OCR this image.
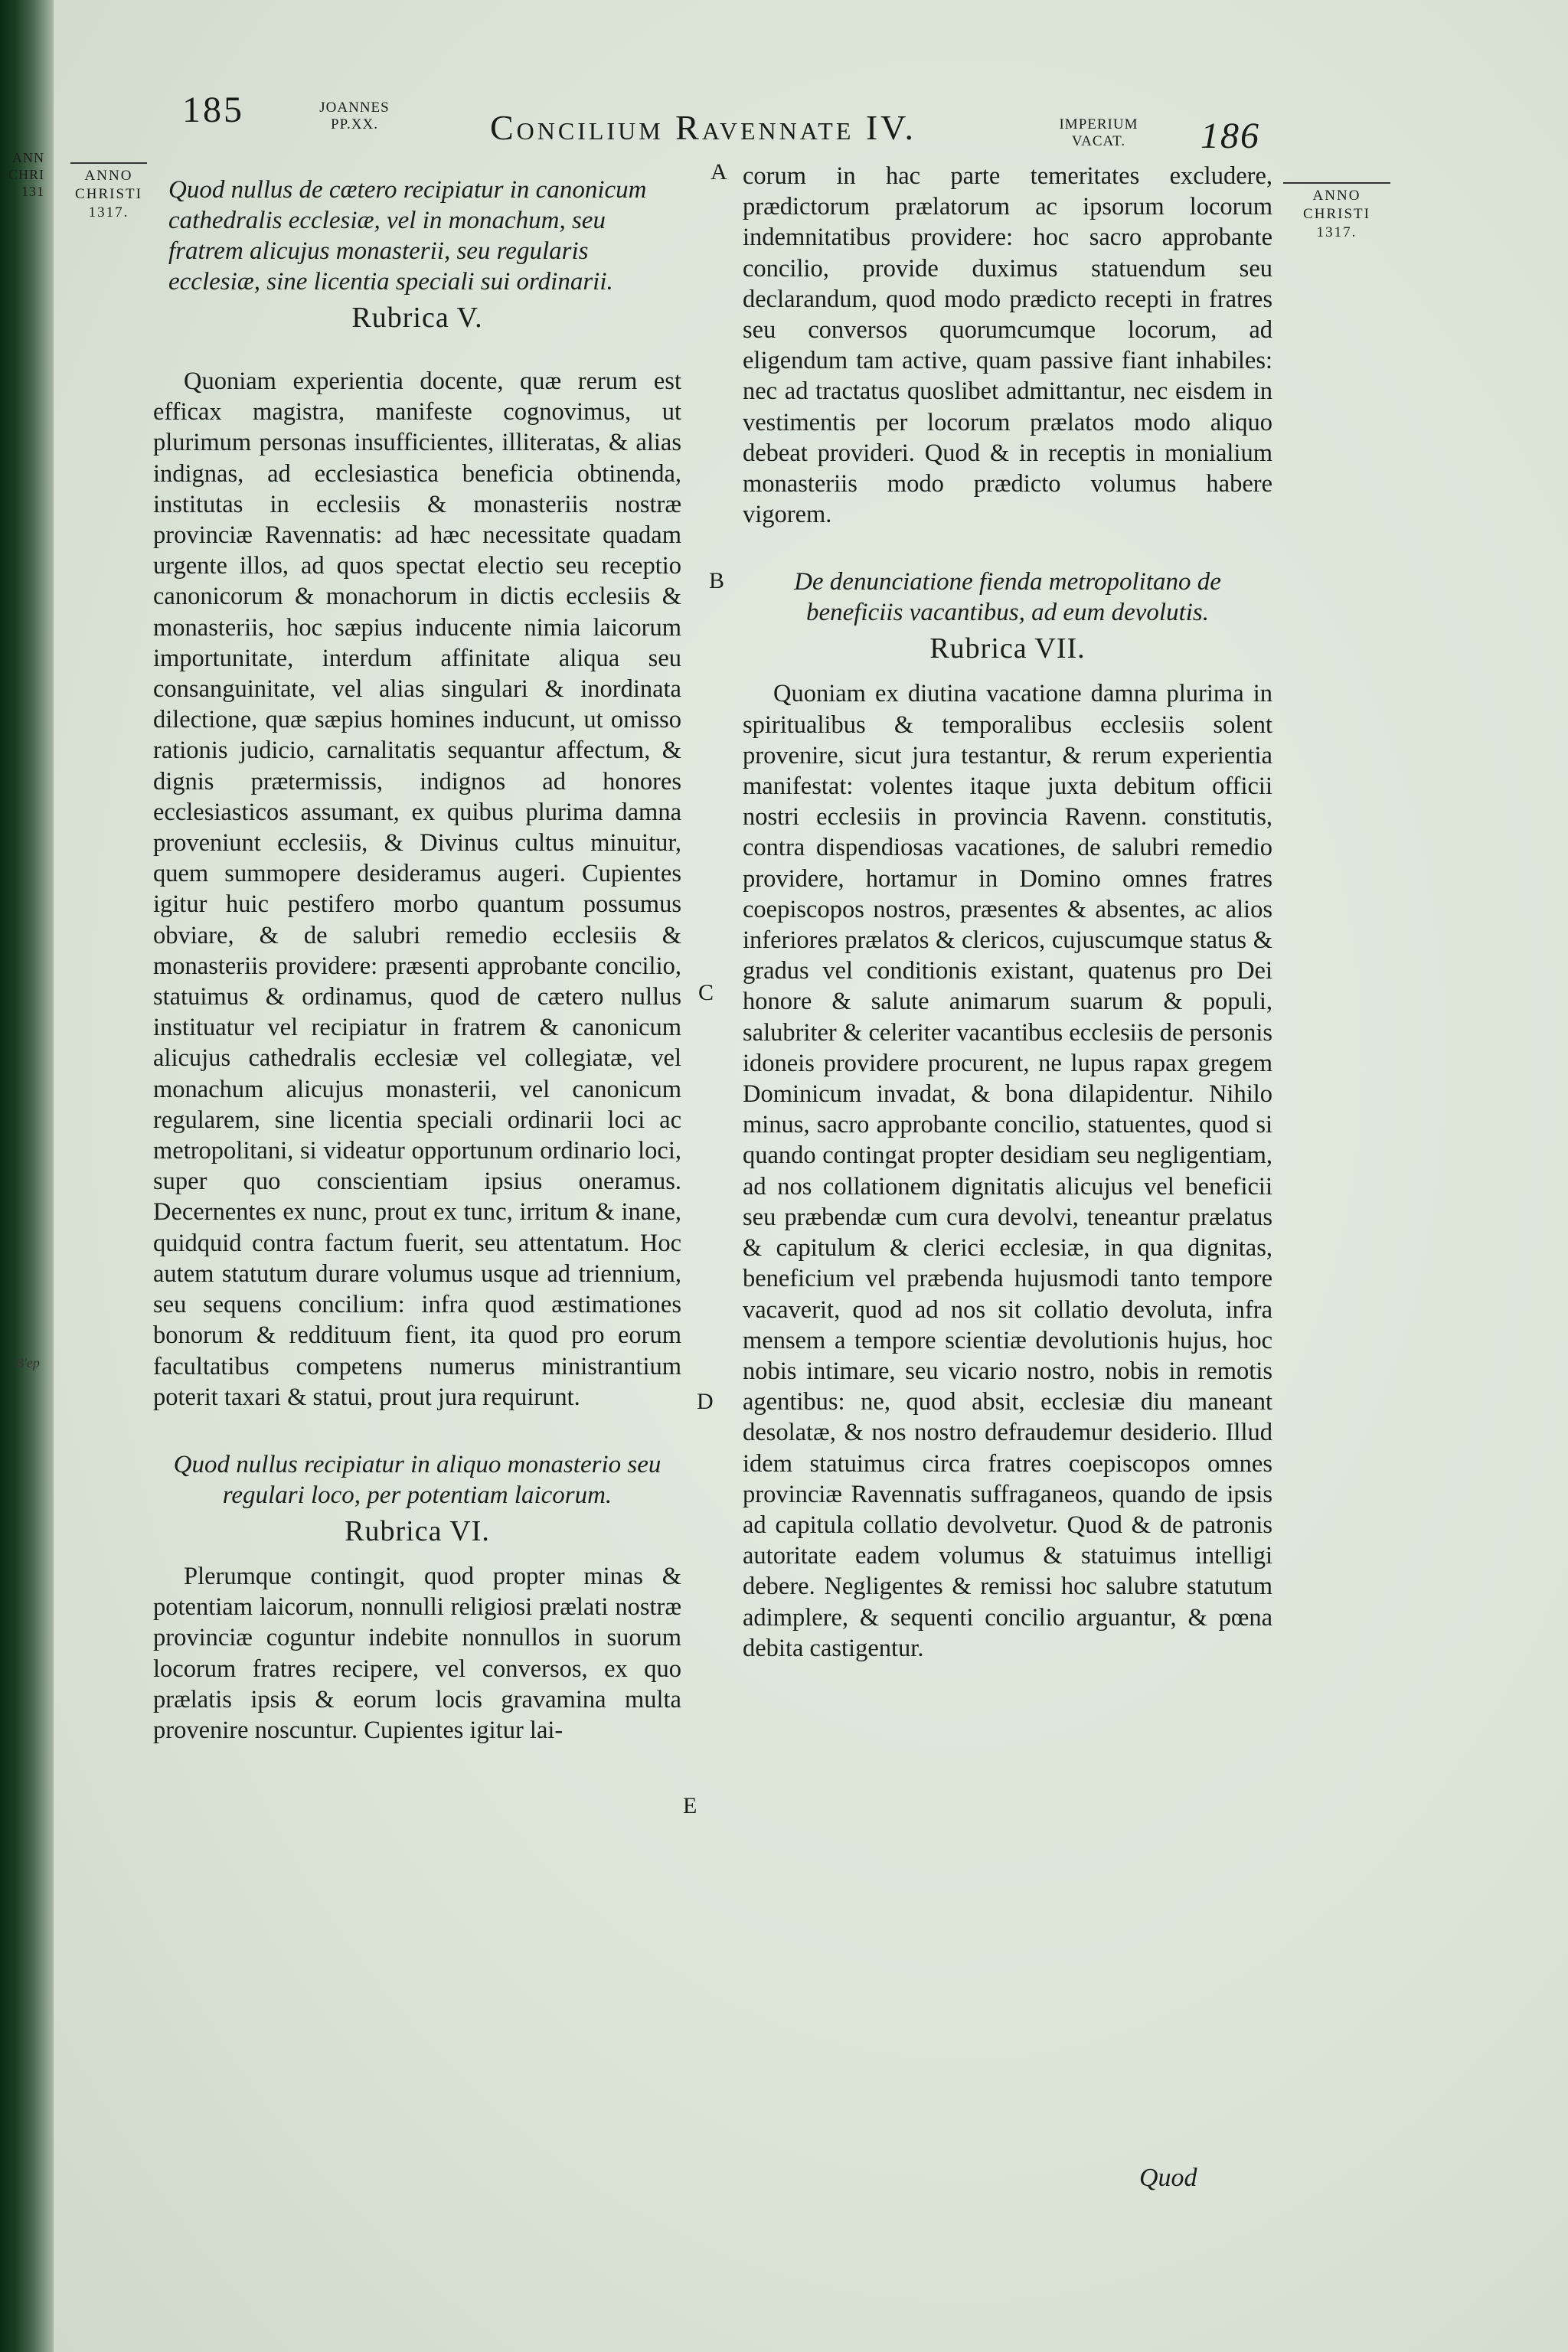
ANN
CHRI
131
B'ep
185	JOANNES
PP.XX.	Concilium Ravennate IV.	IMPERIUM
VACAT.	186
ANNO
CHRISTI
1317.
ANNO
CHRISTI
1317.
A
B
C
D
E

Quod nullus de cætero recipiatur in canonicum cathedralis ecclesiæ, vel in monachum, seu fratrem alicujus monasterii, seu regularis ecclesiæ, sine licentia speciali sui ordinarii.

Rubrica V.

Quoniam experientia docente, quæ rerum est efficax magistra, manifeste cognovimus, ut plurimum personas insufficientes, illiteratas, & alias indignas, ad ecclesiastica beneficia obtinenda, institutas in ecclesiis & monasteriis nostræ provinciæ Ravennatis: ad hæc necessitate quadam urgente illos, ad quos spectat electio seu receptio canonicorum & monachorum in dictis ecclesiis & monasteriis, hoc sæpius inducente nimia laicorum importunitate, interdum affinitate aliqua seu consanguinitate, vel alias singulari & inordinata dilectione, quæ sæpius homines inducunt, ut omisso rationis judicio, carnalitatis sequantur affectum, & dignis prætermissis, indignos ad honores ecclesiasticos assumant, ex quibus plurima damna proveniunt ecclesiis, & Divinus cultus minuitur, quem summopere desideramus augeri. Cupientes igitur huic pestifero morbo quantum possumus obviare, & de salubri remedio ecclesiis & monasteriis providere: præsenti approbante concilio, statuimus & ordinamus, quod de cætero nullus instituatur vel recipiatur in fratrem & canonicum alicujus cathedralis ecclesiæ vel collegiatæ, vel monachum alicujus monasterii, vel canonicum regularem, sine licentia speciali ordinarii loci ac metropolitani, si videatur opportunum ordinario loci, super quo conscientiam ipsius oneramus. Decernentes ex nunc, prout ex tunc, irritum & inane, quidquid contra factum fuerit, seu attentatum. Hoc autem statutum durare volumus usque ad triennium, seu sequens concilium: infra quod æstimationes bonorum & reddituum fient, ita quod pro eorum facultatibus competens numerus ministrantium poterit taxari & statui, prout jura requirunt.

Quod nullus recipiatur in aliquo monasterio seu regulari loco, per potentiam laicorum.

Rubrica VI.

Plerumque contingit, quod propter minas & potentiam laicorum, nonnulli religiosi prælati nostræ provinciæ coguntur indebite nonnullos in suorum locorum fratres recipere, vel conversos, ex quo prælatis ipsis & eorum locis gravamina multa provenire noscuntur. Cupientes igitur lai-

corum in hac parte temeritates excludere, prædictorum prælatorum ac ipsorum locorum indemnitatibus providere: hoc sacro approbante concilio, provide duximus statuendum seu declarandum, quod modo prædicto recepti in fratres seu conversos quorumcumque locorum, ad eligendum tam active, quam passive fiant inhabiles: nec ad tractatus quoslibet admittantur, nec eisdem in vestimentis per locorum prælatos modo aliquo debeat provideri. Quod & in receptis in monialium monasteriis modo prædicto volumus habere vigorem.

De denunciatione fienda metropolitano de beneficiis vacantibus, ad eum devolutis.

Rubrica VII.

Quoniam ex diutina vacatione damna plurima in spiritualibus & temporalibus ecclesiis solent provenire, sicut jura testantur, & rerum experientia manifestat: volentes itaque juxta debitum officii nostri ecclesiis in provincia Ravenn. constitutis, contra dispendiosas vacationes, de salubri remedio providere, hortamur in Domino omnes fratres coepiscopos nostros, præsentes & absentes, ac alios inferiores prælatos & clericos, cujuscumque status & gradus vel conditionis existant, quatenus pro Dei honore & salute animarum suarum & populi, salubriter & celeriter vacantibus ecclesiis de personis idoneis providere procurent, ne lupus rapax gregem Dominicum invadat, & bona dilapidentur. Nihilo minus, sacro approbante concilio, statuentes, quod si quando contingat propter desidiam seu negligentiam, ad nos collationem dignitatis alicujus vel beneficii seu præbendæ cum cura devolvi, teneantur prælatus & capitulum & clerici ecclesiæ, in qua dignitas, beneficium vel præbenda hujusmodi tanto tempore vacaverit, quod ad nos sit collatio devoluta, infra mensem a tempore scientiæ devolutionis hujus, hoc nobis intimare, seu vicario nostro, nobis in remotis agentibus: ne, quod absit, ecclesiæ diu maneant desolatæ, & nos nostro defraudemur desiderio. Illud idem statuimus circa fratres coepiscopos omnes provinciæ Ravennatis suffraganeos, quando de ipsis ad capitula collatio devolvetur. Quod & de patronis autoritate eadem volumus & statuimus intelligi debere. Negligentes & remissi hoc salubre statutum adimplere, & sequenti concilio arguantur, & pœna debita castigentur.

Quod
